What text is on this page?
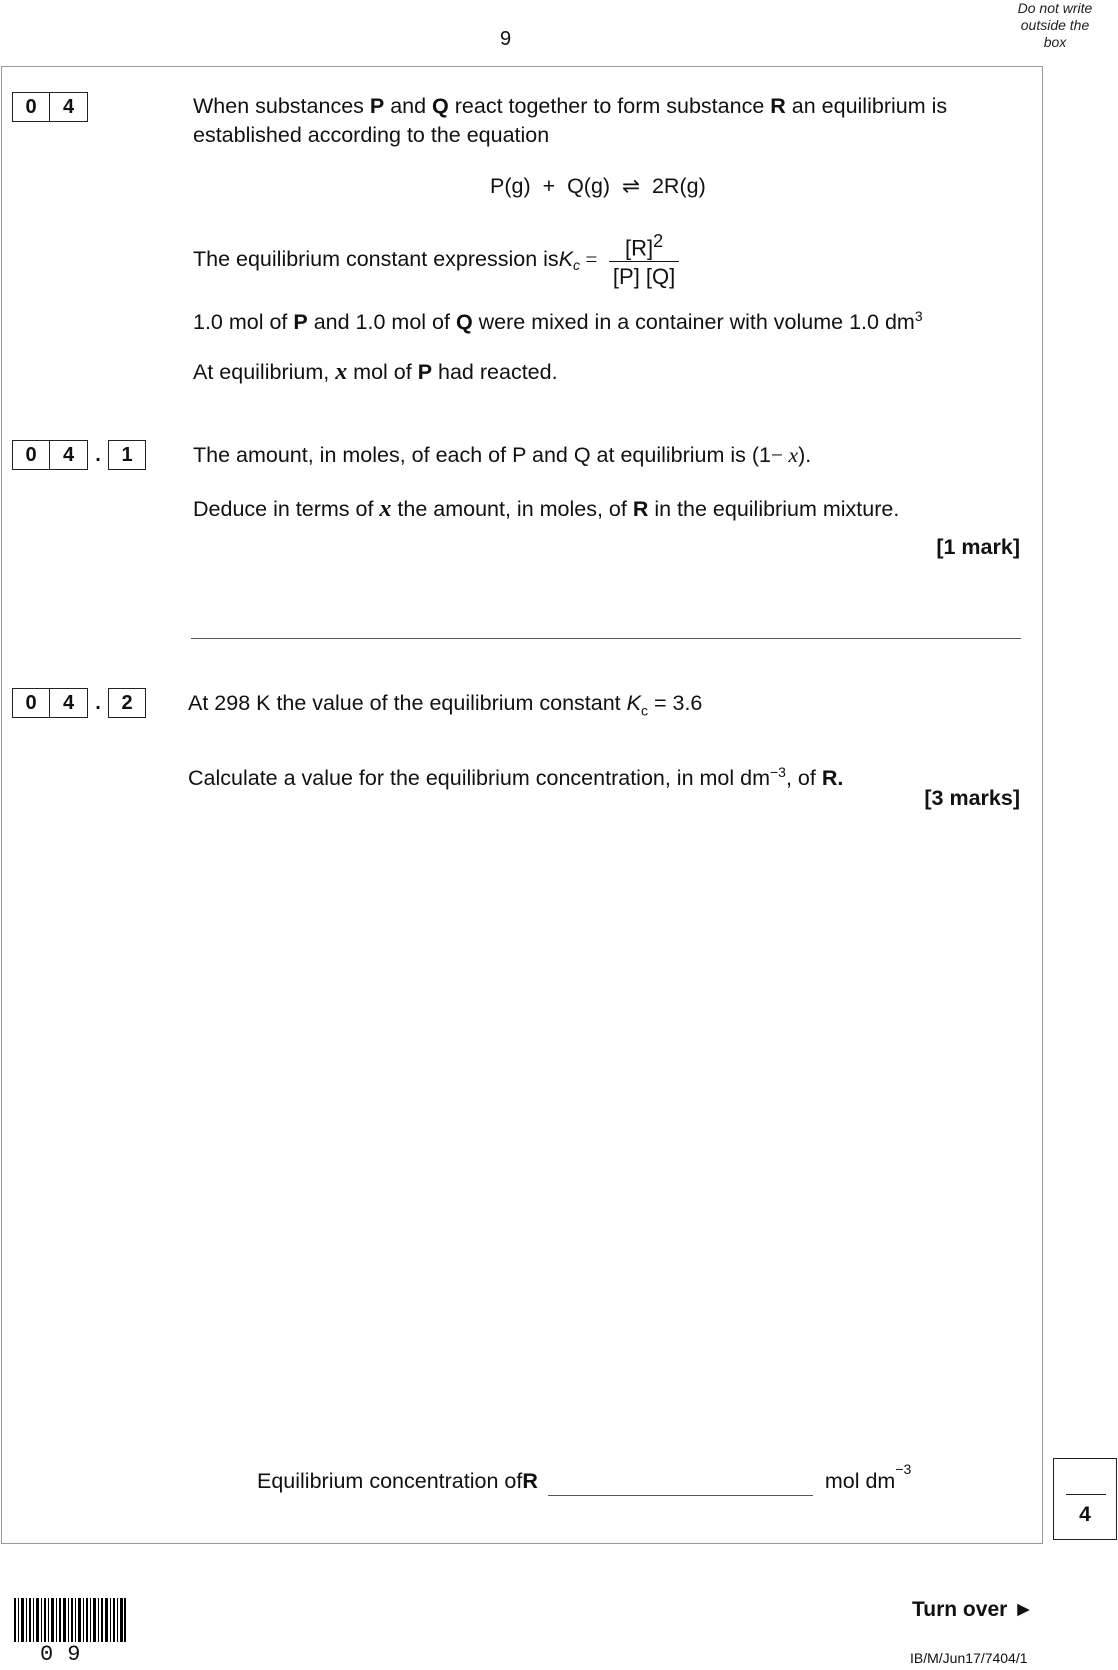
9
Do not write
outside the
box
0	4	When substances P and Q react together to form substance R an equilibrium is
established according to the equation
P(g)  +  Q(g)  ⇌  2R(g)
The equilibrium constant expression is $K_c = \frac{[R]^2}{[P] [Q]}$
1.0 mol of P and 1.0 mol of Q were mixed in a container with volume 1.0 $dm^3$
At equilibrium, x mol of P had reacted.
0	4	.	1	The amount, in moles, of each of P and Q at equilibrium is (1− x).
Deduce in terms of x the amount, in moles, of R in the equilibrium mixture.
[1 mark]
0	4	.	2	At 298 K the value of the equilibrium constant $K_c = 3.6$
Calculate a value for the equilibrium concentration, in mol $dm^{-3}$, of R.
[3 marks]
Equilibrium concentration of R	mol $dm^{-3}$
4
09
Turn over ►
IB/M/Jun17/7404/1
